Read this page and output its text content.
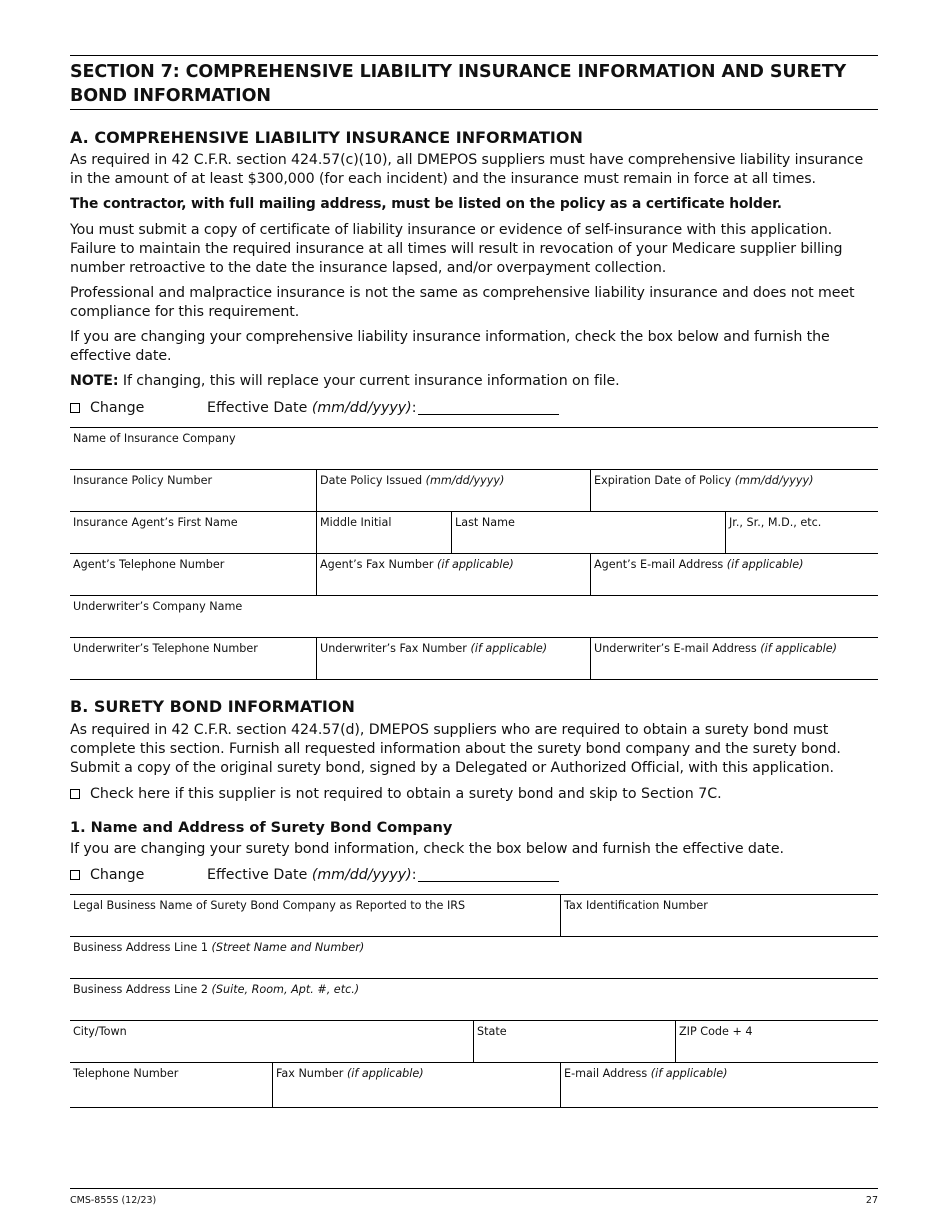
SECTION 7: COMPREHENSIVE LIABILITY INSURANCE INFORMATION AND SURETY BOND INFORMATION
A. COMPREHENSIVE LIABILITY INSURANCE INFORMATION
As required in 42 C.F.R. section 424.57(c)(10), all DMEPOS suppliers must have comprehensive liability insurance in the amount of at least $300,000 (for each incident) and the insurance must remain in force at all times.
The contractor, with full mailing address, must be listed on the policy as a certificate holder.
You must submit a copy of certificate of liability insurance or evidence of self-insurance with this application. Failure to maintain the required insurance at all times will result in revocation of your Medicare supplier billing number retroactive to the date the insurance lapsed, and/or overpayment collection.
Professional and malpractice insurance is not the same as comprehensive liability insurance and does not meet compliance for this requirement.
If you are changing your comprehensive liability insurance information, check the box below and furnish the effective date.
NOTE: If changing, this will replace your current insurance information on file.
Change	Effective Date (mm/dd/yyyy):
Name of Insurance Company
Insurance Policy Number	Date Policy Issued (mm/dd/yyyy)	Expiration Date of Policy (mm/dd/yyyy)
Insurance Agent’s First Name	Middle Initial	Last Name	Jr., Sr., M.D., etc.
Agent’s Telephone Number	Agent’s Fax Number (if applicable)	Agent’s E-mail Address (if applicable)
Underwriter’s Company Name
Underwriter’s Telephone Number	Underwriter’s Fax Number (if applicable)	Underwriter’s E-mail Address (if applicable)
B. SURETY BOND INFORMATION
As required in 42 C.F.R. section 424.57(d), DMEPOS suppliers who are required to obtain a surety bond must complete this section. Furnish all requested information about the surety bond company and the surety bond. Submit a copy of the original surety bond, signed by a Delegated or Authorized Official, with this application.
Check here if this supplier is not required to obtain a surety bond and skip to Section 7C.
1. Name and Address of Surety Bond Company
If you are changing your surety bond information, check the box below and furnish the effective date.
Change	Effective Date (mm/dd/yyyy):
Legal Business Name of Surety Bond Company as Reported to the IRS	Tax Identification Number
Business Address Line 1 (Street Name and Number)
Business Address Line 2 (Suite, Room, Apt. #, etc.)
City/Town	State	ZIP Code + 4
Telephone Number	Fax Number (if applicable)	E-mail Address (if applicable)
CMS-855S (12/23)	27
